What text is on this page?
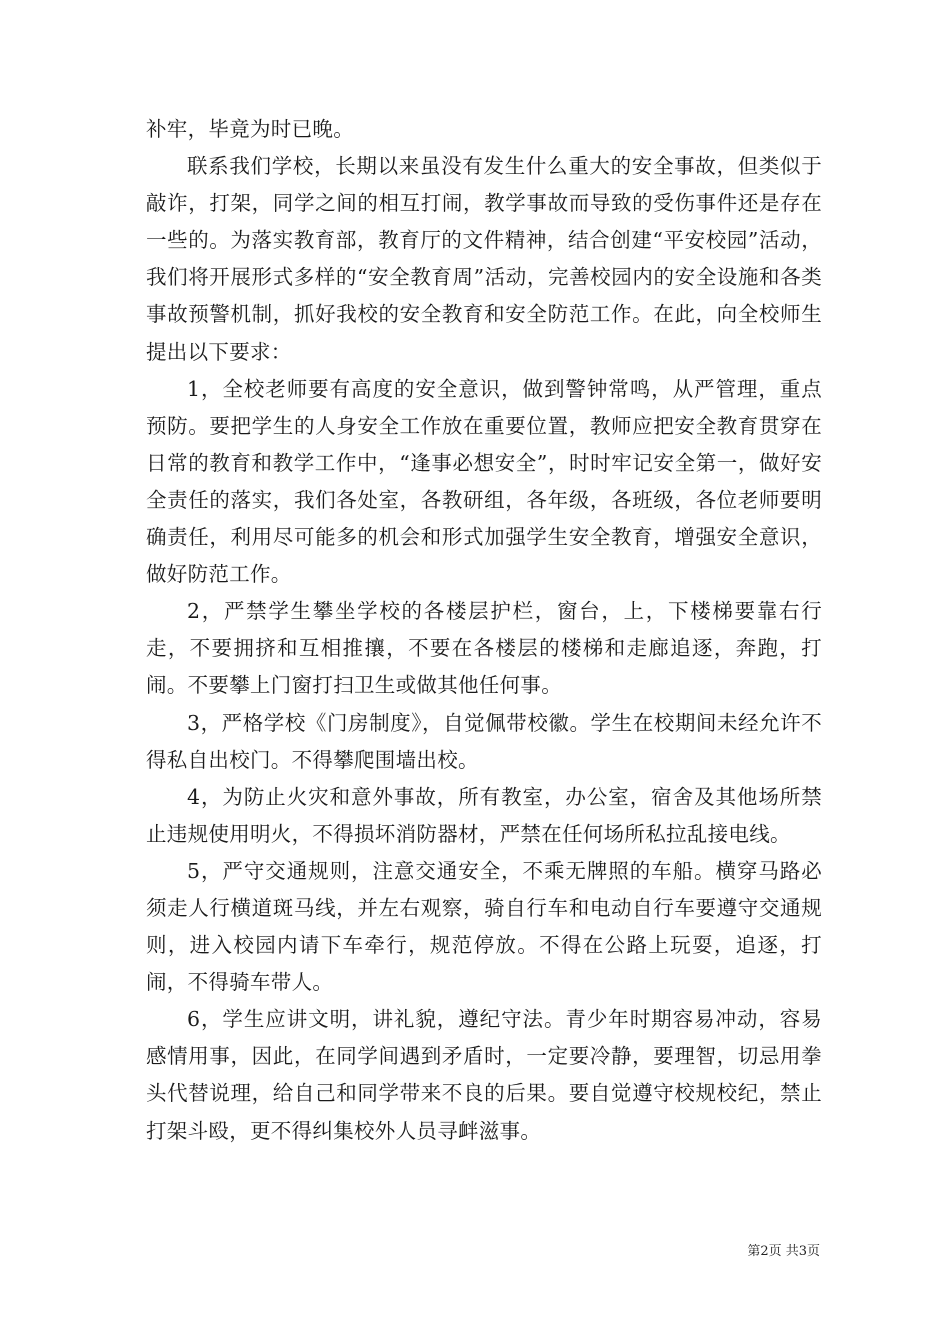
补牢，毕竟为时已晚。

联系我们学校，长期以来虽没有发生什么重大的安全事故，但类似于敲诈，打架，同学之间的相互打闹，教学事故而导致的受伤事件还是存在一些的。为落实教育部，教育厅的文件精神，结合创建“平安校园”活动，我们将开展形式多样的“安全教育周”活动，完善校园内的安全设施和各类事故预警机制，抓好我校的安全教育和安全防范工作。在此，向全校师生提出以下要求：

1，全校老师要有高度的安全意识，做到警钟常鸣，从严管理，重点预防。要把学生的人身安全工作放在重要位置，教师应把安全教育贯穿在日常的教育和教学工作中，“逢事必想安全”，时时牢记安全第一，做好安全责任的落实，我们各处室，各教研组，各年级，各班级，各位老师要明确责任，利用尽可能多的机会和形式加强学生安全教育，增强安全意识，做好防范工作。

2，严禁学生攀坐学校的各楼层护栏，窗台，上，下楼梯要靠右行走，不要拥挤和互相推攘，不要在各楼层的楼梯和走廊追逐，奔跑，打闹。不要攀上门窗打扫卫生或做其他任何事。

3，严格学校《门房制度》，自觉佩带校徽。学生在校期间未经允许不得私自出校门。不得攀爬围墙出校。

4，为防止火灾和意外事故，所有教室，办公室，宿舍及其他场所禁止违规使用明火，不得损坏消防器材，严禁在任何场所私拉乱接电线。

5，严守交通规则，注意交通安全，不乘无牌照的车船。横穿马路必须走人行横道斑马线，并左右观察，骑自行车和电动自行车要遵守交通规则，进入校园内请下车牵行，规范停放。不得在公路上玩耍，追逐，打闹，不得骑车带人。

6，学生应讲文明，讲礼貌，遵纪守法。青少年时期容易冲动，容易感情用事，因此，在同学间遇到矛盾时，一定要冷静，要理智，切忌用拳头代替说理，给自己和同学带来不良的后果。要自觉遵守校规校纪，禁止打架斗殴，更不得纠集校外人员寻衅滋事。

第2页 共3页
